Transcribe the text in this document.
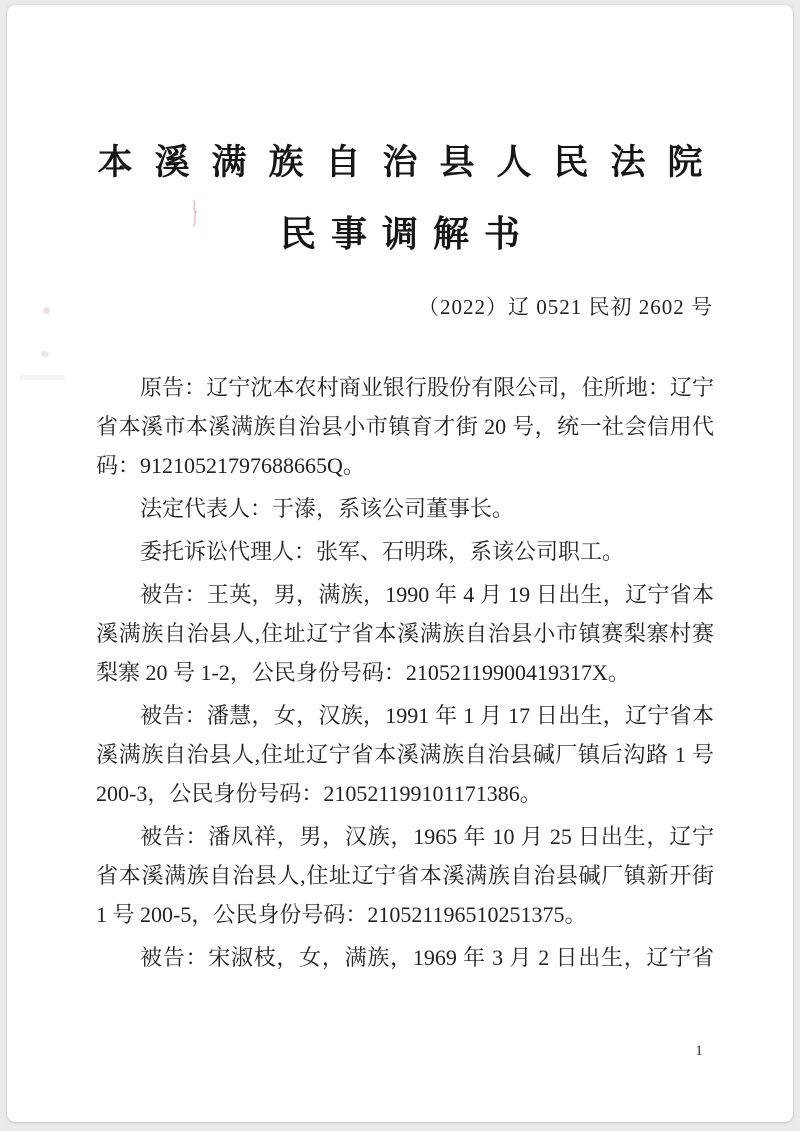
本溪满族自治县人民法院
民事调解书
（2022）辽 0521 民初 2602 号
原告：辽宁沈本农村商业银行股份有限公司，住所地：辽宁
省本溪市本溪满族自治县小市镇育才街 20 号，统一社会信用代
码：91210521797688665Q。
法定代表人：于溙，系该公司董事长。
委托诉讼代理人：张军、石明珠，系该公司职工。
被告：王英，男，满族，1990 年 4 月 19 日出生，辽宁省本
溪满族自治县人,住址辽宁省本溪满族自治县小市镇赛梨寨村赛
梨寨 20 号 1-2，公民身份号码：21052119900419317X。
被告：潘慧，女，汉族，1991 年 1 月 17 日出生，辽宁省本
溪满族自治县人,住址辽宁省本溪满族自治县碱厂镇后沟路 1 号
200-3，公民身份号码：210521199101171386。
被告：潘凤祥，男，汉族，1965 年 10 月 25 日出生，辽宁
省本溪满族自治县人,住址辽宁省本溪满族自治县碱厂镇新开街
1 号 200-5，公民身份号码：210521196510251375。
被告：宋淑枝，女，满族，1969 年 3 月 2 日出生，辽宁省
1
